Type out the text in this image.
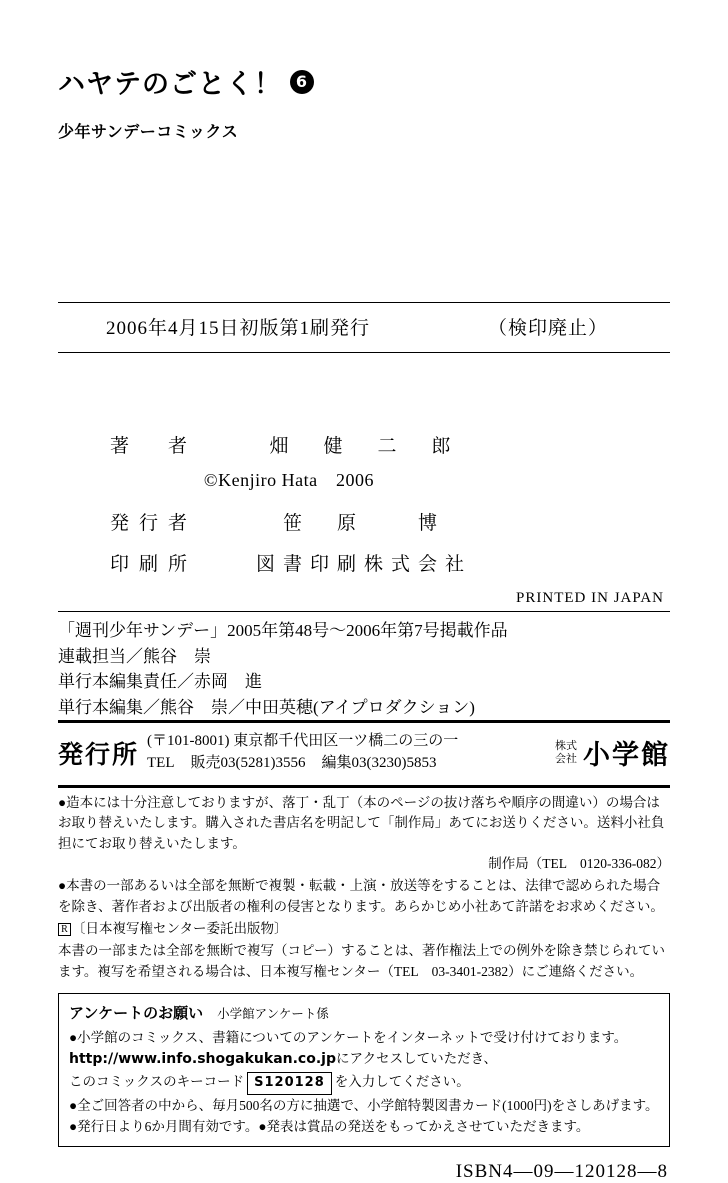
ハヤテのごとく！ 6
少年サンデーコミックス
2006年4月15日初版第1刷発行	（検印廃止）
著　者	畑　健　二　郎
©Kenjiro Hata　2006
発行者	笹　原　　博
印刷所	図書印刷株式会社
PRINTED IN JAPAN
「週刊少年サンデー」2005年第48号〜2006年第7号掲載作品
連載担当／熊谷　崇
単行本編集責任／赤岡　進
単行本編集／熊谷　崇／中田英穂(アイプロダクション)
発行所 (〒101-8001) 東京都千代田区一ツ橋二の三の一
TEL 販売03(5281)3556 編集03(3230)5853
株式
会社 小学館

●造本には十分注意しておりますが、落丁・乱丁（本のページの抜け落ちや順序の間違い）の場合はお取り替えいたします。購入された書店名を明記して「制作局」あてにお送りください。送料小社負担にてお取り替えいたします。

制作局（TEL　0120-336-082）

●本書の一部あるいは全部を無断で複製・転載・上演・放送等をすることは、法律で認められた場合を除き、著作者および出版者の権利の侵害となります。あらかじめ小社あて許諾をお求めください。

R 〔日本複写権センター委託出版物〕

本書の一部または全部を無断で複写（コピー）することは、著作権法上での例外を除き禁じられています。複写を希望される場合は、日本複写権センター（TEL　03-3401-2382）にご連絡ください。

アンケートのお願い 小学館アンケート係

●小学館のコミックス、書籍についてのアンケートをインターネットで受け付けております。

http://www.info.shogakukan.co.jpにアクセスしていただき、

このコミックスのキーコード S120128 を入力してください。

●全ご回答者の中から、毎月500名の方に抽選で、小学館特製図書カード(1000円)をさしあげます。

●発行日より6か月間有効です。●発表は賞品の発送をもってかえさせていただきます。

ISBN4—09—120128—8
